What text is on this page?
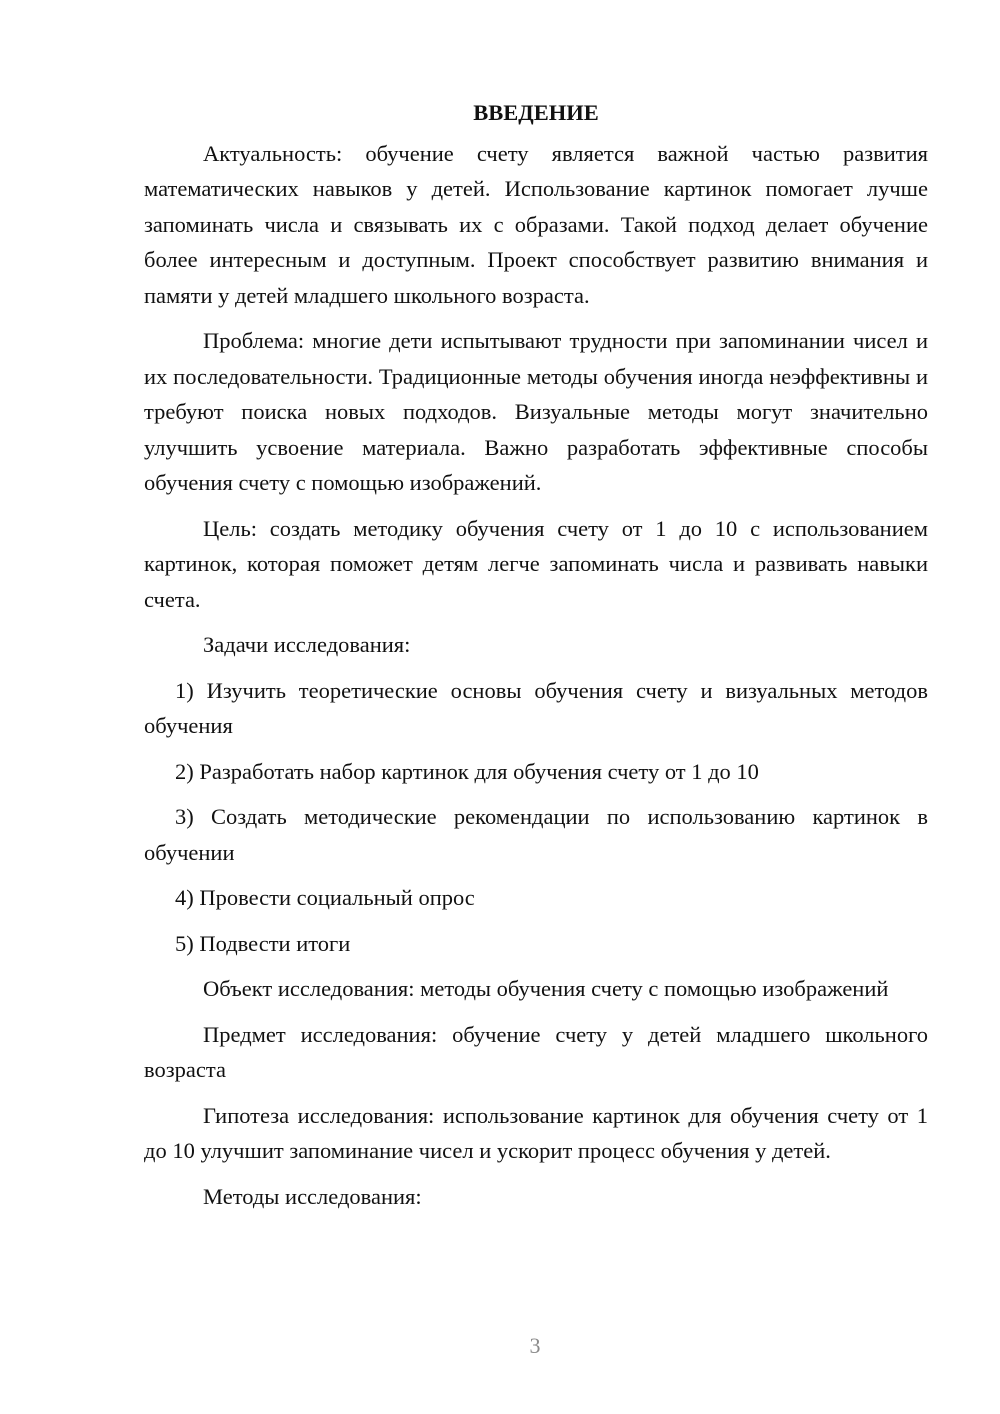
ВВЕДЕНИЕ

Актуальность: обучение счету является важной частью развития математических навыков у детей. Использование картинок помогает лучше запоминать числа и связывать их с образами. Такой подход делает обучение более интересным и доступным. Проект способствует развитию внимания и памяти у детей младшего школьного возраста.

Проблема: многие дети испытывают трудности при запоминании чисел и их последовательности. Традиционные методы обучения иногда неэффективны и требуют поиска новых подходов. Визуальные методы могут значительно улучшить усвоение материала. Важно разработать эффективные способы обучения счету с помощью изображений.

Цель: создать методику обучения счету от 1 до 10 с использованием картинок, которая поможет детям легче запоминать числа и развивать навыки счета.

Задачи исследования:

1) Изучить теоретические основы обучения счету и визуальных методов обучения

2) Разработать набор картинок для обучения счету от 1 до 10

3) Создать методические рекомендации по использованию картинок в обучении

4) Провести социальный опрос

5) Подвести итоги

Объект исследования: методы обучения счету с помощью изображений

Предмет исследования: обучение счету у детей младшего школьного возраста

Гипотеза исследования: использование картинок для обучения счету от 1 до 10 улучшит запоминание чисел и ускорит процесс обучения у детей.

Методы исследования:

3
